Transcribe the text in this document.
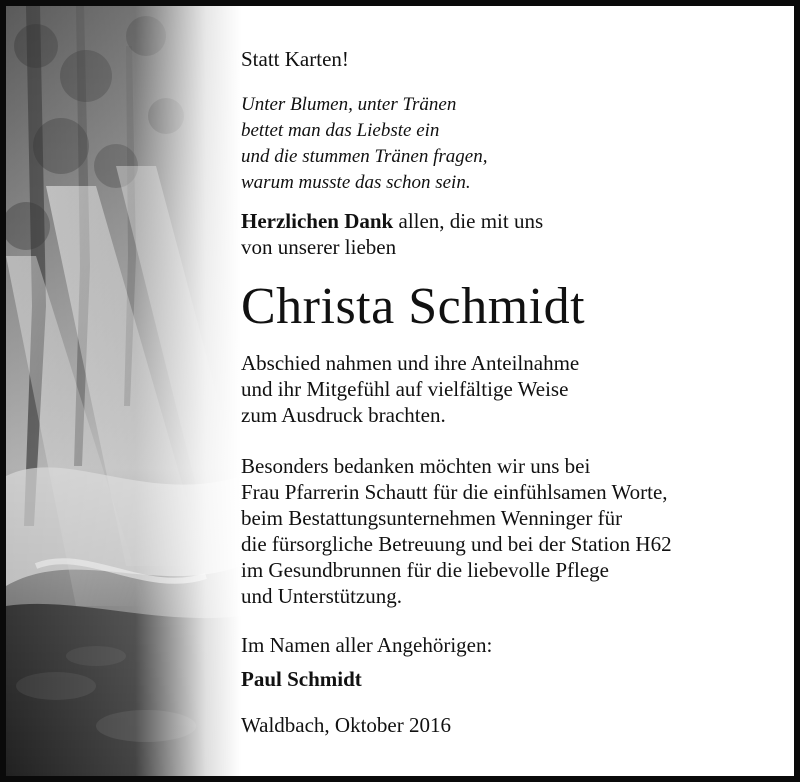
Statt Karten!
Unter Blumen, unter Tränen
bettet man das Liebste ein
und die stummen Tränen fragen,
warum musste das schon sein.
Herzlichen Dank allen, die mit uns
von unserer lieben
Christa Schmidt
Abschied nahmen und ihre Anteilnahme
und ihr Mitgefühl auf vielfältige Weise
zum Ausdruck brachten.
Besonders bedanken möchten wir uns bei
Frau Pfarrerin Schautt für die einfühlsamen Worte,
beim Bestattungsunternehmen Wenninger für
die fürsorgliche Betreuung und bei der Station H62
im Gesundbrunnen für die liebevolle Pflege
und Unterstützung.
Im Namen aller Angehörigen:
Paul Schmidt
Waldbach, Oktober 2016
